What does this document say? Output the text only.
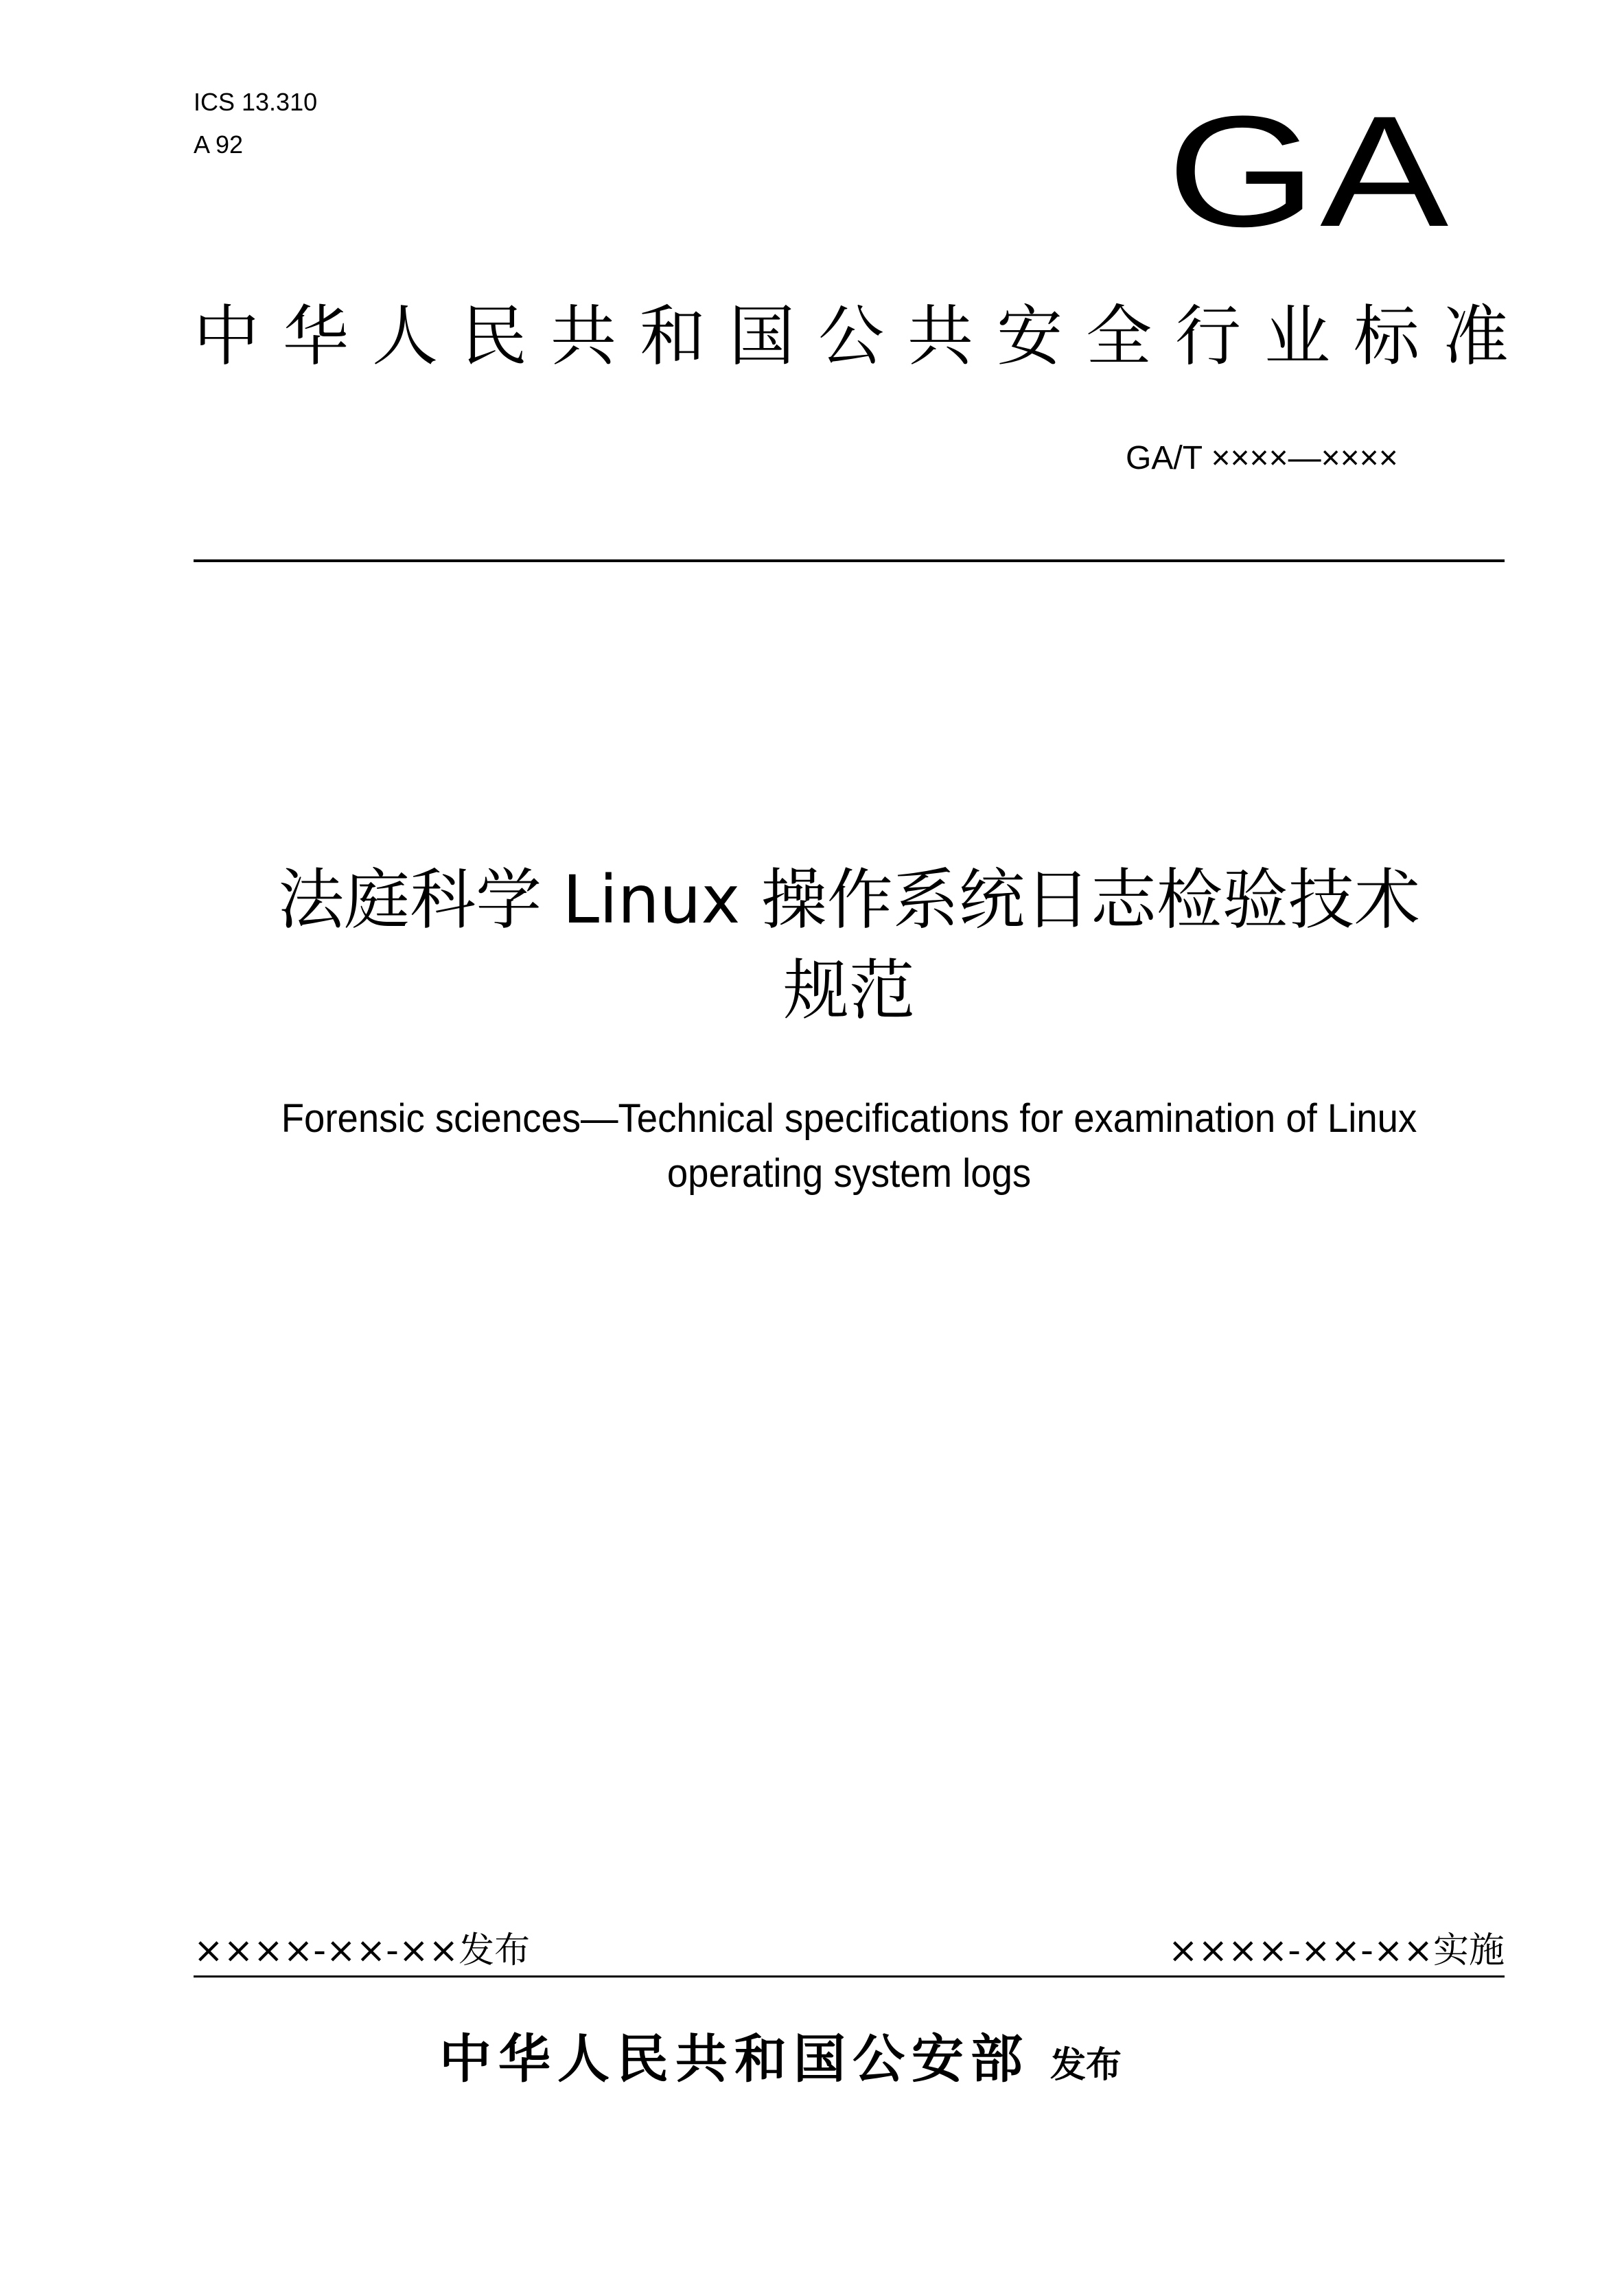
ICS 13.310
A 92	GA
中华人民共和国公共安全行业标准
GA/T ××××—××××
法庭科学 Linux 操作系统日志检验技术
规范
Forensic sciences—Technical specifications for examination of Linux
operating system logs
××××-××-××发布	××××-××-××实施
中华人民共和国公安部 发布
